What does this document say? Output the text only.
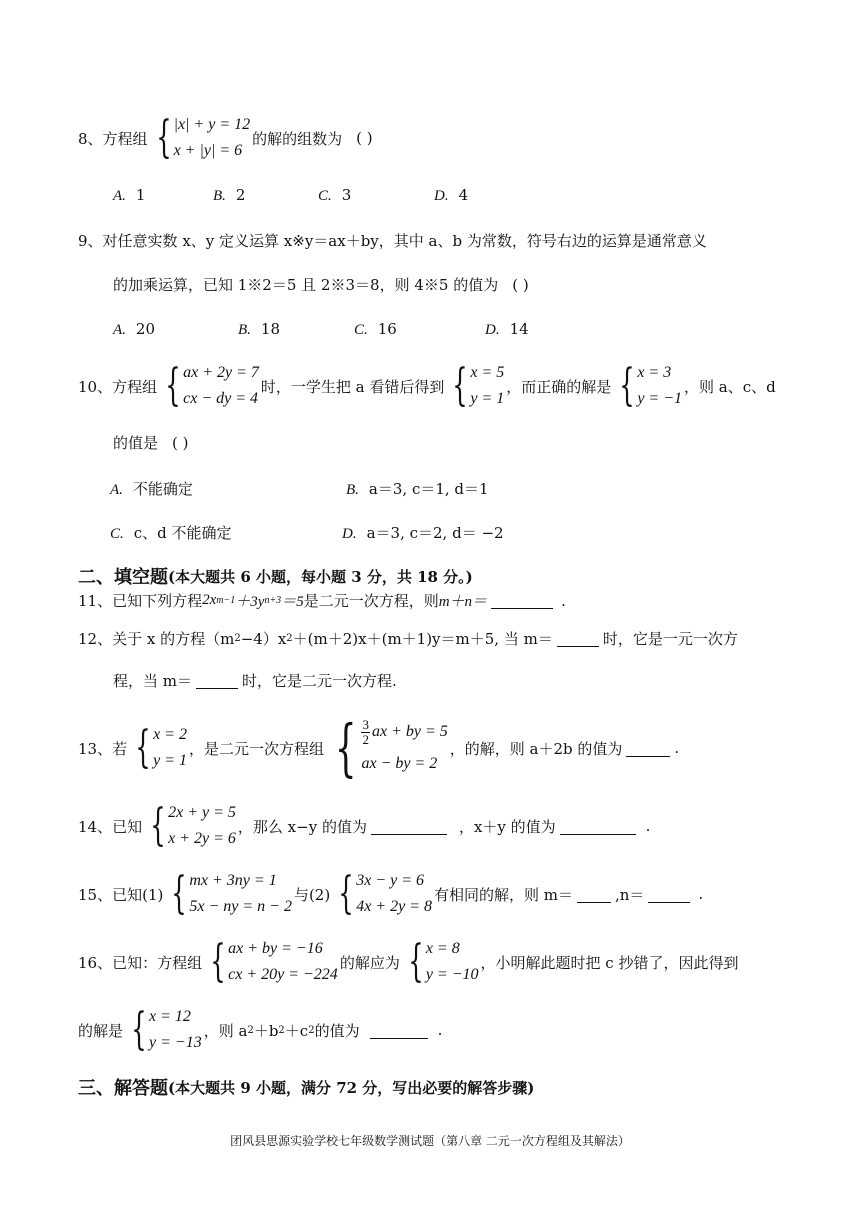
8、 方程组 { |x| + y = 12
x + |y| = 6
的解的组数为 ( )
A. 1	B. 2	C. 3	D. 4
9、 对任意实数 x、y 定义运算 x※y＝ax＋by，其中 a、b 为常数，符号右边的运算是通常意义
的加乘运算，已知 1※2＝5 且 2※3＝8，则 4※5 的值为 ( )
A. 20	B. 18	C. 16	D. 14
10、 方程组 { ax + 2y = 7
cx − dy = 4
时，一学生把 a 看错后得到 { x = 5
y = 1
，而正确的解是 { x = 3
y = −1
，则 a、c、d
的值是 ( )
A. 不能确定	B. a＝3, c＝1, d＝1
C. c、d 不能确定	D. a＝3, c＝2, d＝ −2
二、填空题 (本大题共 6 小题，每小题 3 分，共 18 分。)
11、 已知下列方程 2x m−1 ＋3y n+3 ＝5 是二元一次方程，则 m＋n＝	.
12、 关于 x 的方程（m 2 −4）x 2 ＋(m＋2)x＋(m＋1)y＝m＋5, 当 m＝	时，它是一元一次方
程，当 m＝	时，它是二元一次方程.
13、 若 { x = 2
y = 1
，是二元一次方程组 { $\frac{3}{2}$ ax + by = 5
ax − by = 2
，的解，则 a＋2b 的值为	.
14、 已知 { 2x + y = 5
x + 2y = 6
，那么 x−y 的值为	，x＋y 的值为	.
15、 已知(1) { mx + 3ny = 1
5x − ny = n − 2
与(2) { 3x − y = 6
4x + 2y = 8
有相同的解，则 m＝	,n＝	.
16、 已知：方程组 { ax + by = −16
cx + 20y = −224
的解应为 { x = 8
y = −10
，小明解此题时把 c 抄错了，因此得到
的解是 { x = 12
y = −13
，则 a 2 ＋b 2 ＋c 2 的值为	.
三、解答题 (本大题共 9 小题，满分 72 分，写出必要的解答步骤)
团风县思源实验学校七年级数学测试题（第八章 二元一次方程组及其解法）
